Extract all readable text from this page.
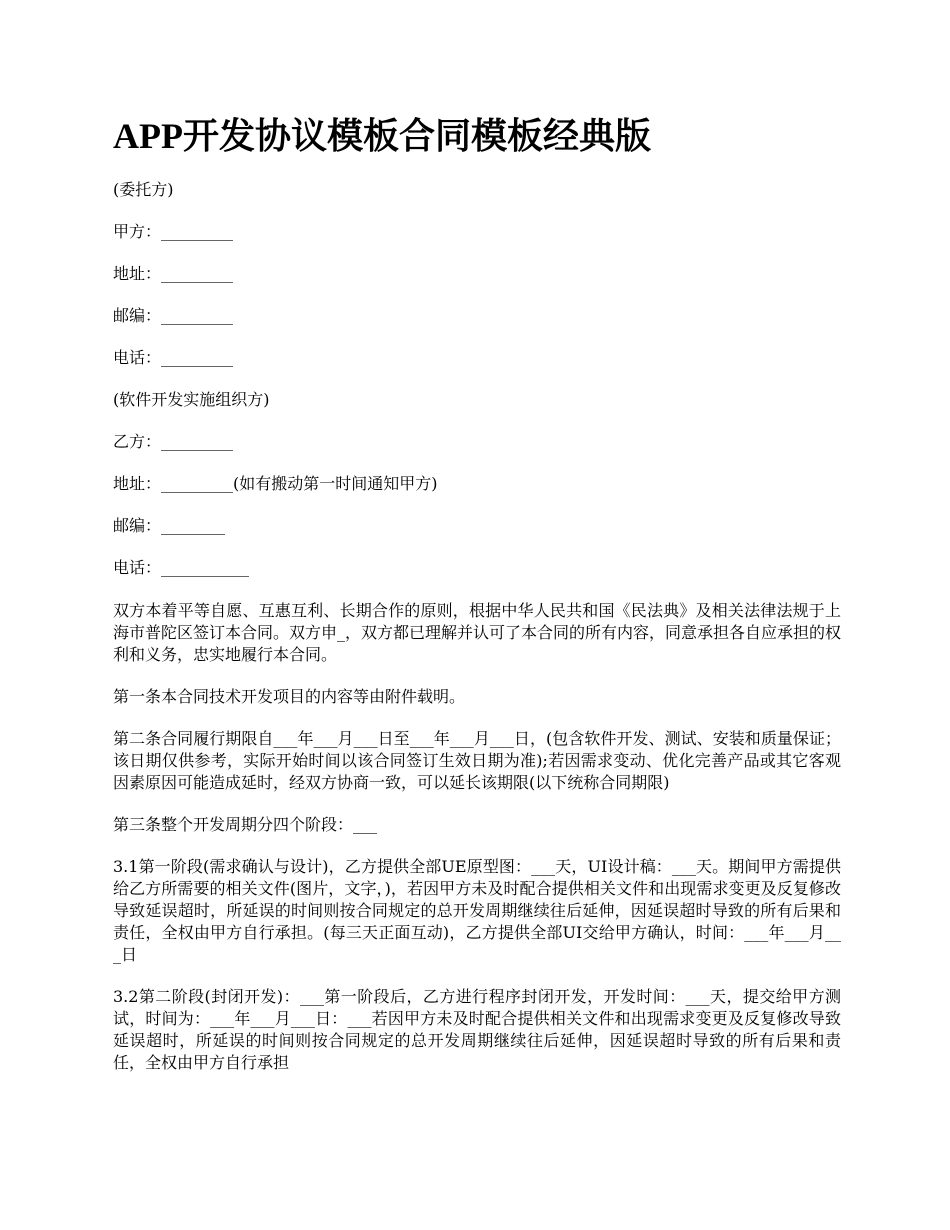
APP开发协议模板合同模板经典版
(委托方)
甲方：_________
地址：_________
邮编：_________
电话：_________
(软件开发实施组织方)
乙方：_________
地址：_________(如有搬动第一时间通知甲方)
邮编：________
电话：___________

双方本着平等自愿、互惠互利、长期合作的原则，根据中华人民共和国《民法典》及相关法律法规于上海市普陀区签订本合同。双方申_，双方都已理解并认可了本合同的所有内容，同意承担各自应承担的权利和义务，忠实地履行本合同。

第一条本合同技术开发项目的内容等由附件载明。

第二条合同履行期限自___年___月___日至___年___月___日，(包含软件开发、测试、安装和质量保证；该日期仅供参考，实际开始时间以该合同签订生效日期为准);若因需求变动、优化完善产品或其它客观因素原因可能造成延时，经双方协商一致，可以延长该期限(以下统称合同期限)

第三条整个开发周期分四个阶段：___

3.1第一阶段(需求确认与设计)，乙方提供全部UE原型图：___天，UI设计稿：___天。期间甲方需提供给乙方所需要的相关文件(图片，文字，)，若因甲方未及时配合提供相关文件和出现需求变更及反复修改导致延误超时，所延误的时间则按合同规定的总开发周期继续往后延伸，因延误超时导致的所有后果和责任，全权由甲方自行承担。(每三天正面互动)，乙方提供全部UI交给甲方确认，时间：___年___月___日

3.2第二阶段(封闭开发)：___第一阶段后，乙方进行程序封闭开发，开发时间：___天，提交给甲方测试，时间为：___年___月___日：___若因甲方未及时配合提供相关文件和出现需求变更及反复修改导致延误超时，所延误的时间则按合同规定的总开发周期继续往后延伸，因延误超时导致的所有后果和责任，全权由甲方自行承担
